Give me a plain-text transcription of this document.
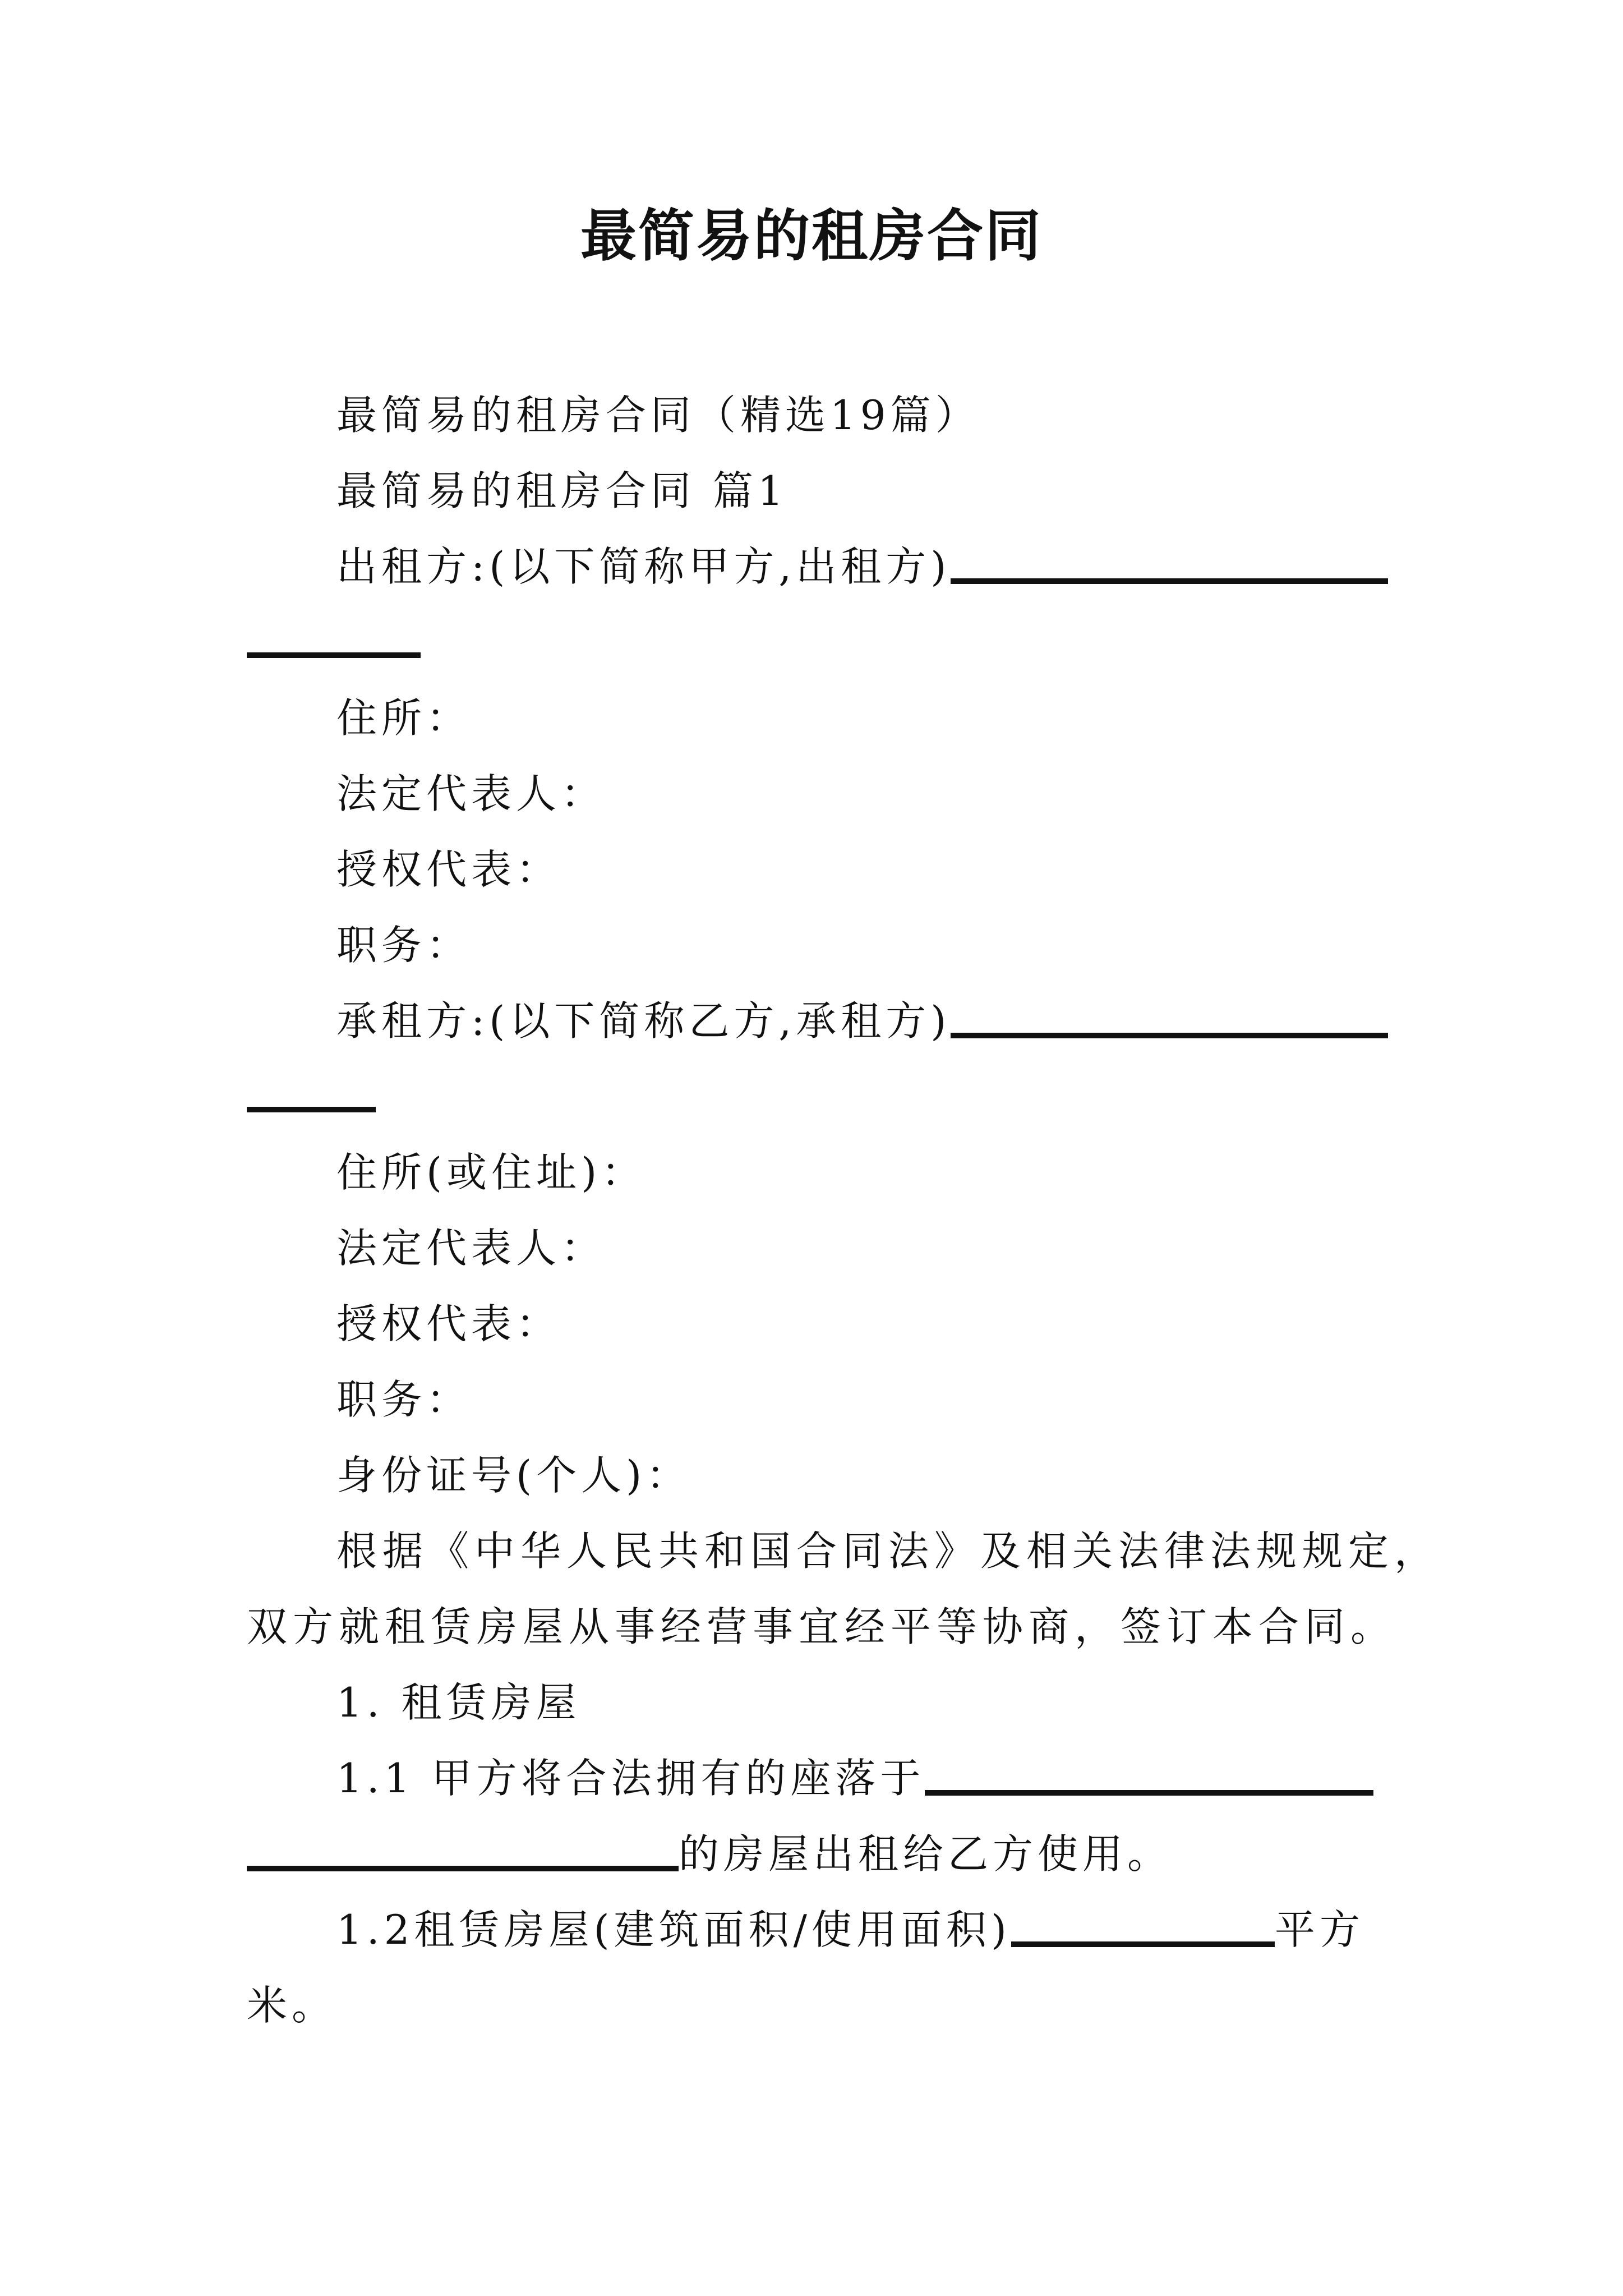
最简易的租房合同
最简易的租房合同（精选19篇）
最简易的租房合同 篇1
出租方:(以下简称甲方,出租方)
住所：
法定代表人：
授权代表：
职务：
承租方:(以下简称乙方,承租方)
住所(或住址)：
法定代表人：
授权代表：
职务：
身份证号(个人)：
根据《中华人民共和国合同法》及相关法律法规规定，
双方就租赁房屋从事经营事宜经平等协商，签订本合同。
1. 租赁房屋
1.1 甲方将合法拥有的座落于
的房屋出租给乙方使用。
1.2租赁房屋(建筑面积/使用面积)	平方
米。
